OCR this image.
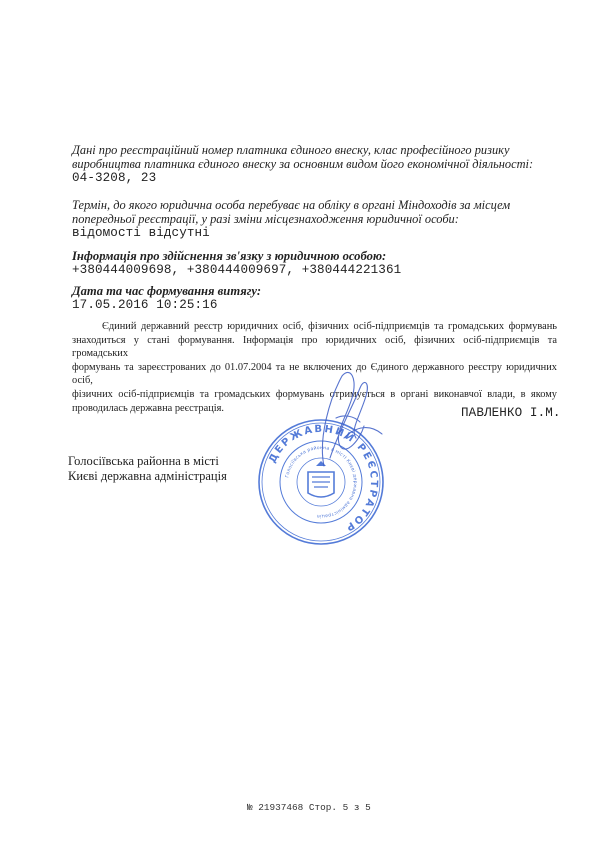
Дані про реєстраційний номер платника єдиного внеску, клас професійного ризику
виробництва платника єдиного внеску за основним видом його економічної діяльності:
04-3208, 23
Термін, до якого юридична особа перебуває на обліку в органі Міндоходів за місцем
попередньої реєстрації, у разі зміни місцезнаходження юридичної особи:
відомості відсутні
Інформація про здійснення зв'язку з юридичною особою:
+380444009698, +380444009697, +380444221361
Дата та час формування витягу:
17.05.2016 10:25:16
Єдиний державний реєстр юридичних осіб, фізичних осіб-підприємців та громадських формувань
знаходиться у стані формування. Інформація про юридичних осіб, фізичних осіб-підприємців та громадських
формувань та зареєстрованих до 01.07.2004 та не включених до Єдиного державного реєстру юридичних осіб,
фізичних осіб-підприємців та громадських формувань отримується в органі виконавчої влади, в якому
проводилась державна реєстрація.	ПАВЛЕНКО І.М.
Голосіївська районна в місті
Києві державна адміністрація
ДЕРЖАВНИЙ РЕЄСТРАТОР
Голосіївська районна в місті Києві державна адміністрація
№ 21937468 Стор. 5 з 5
